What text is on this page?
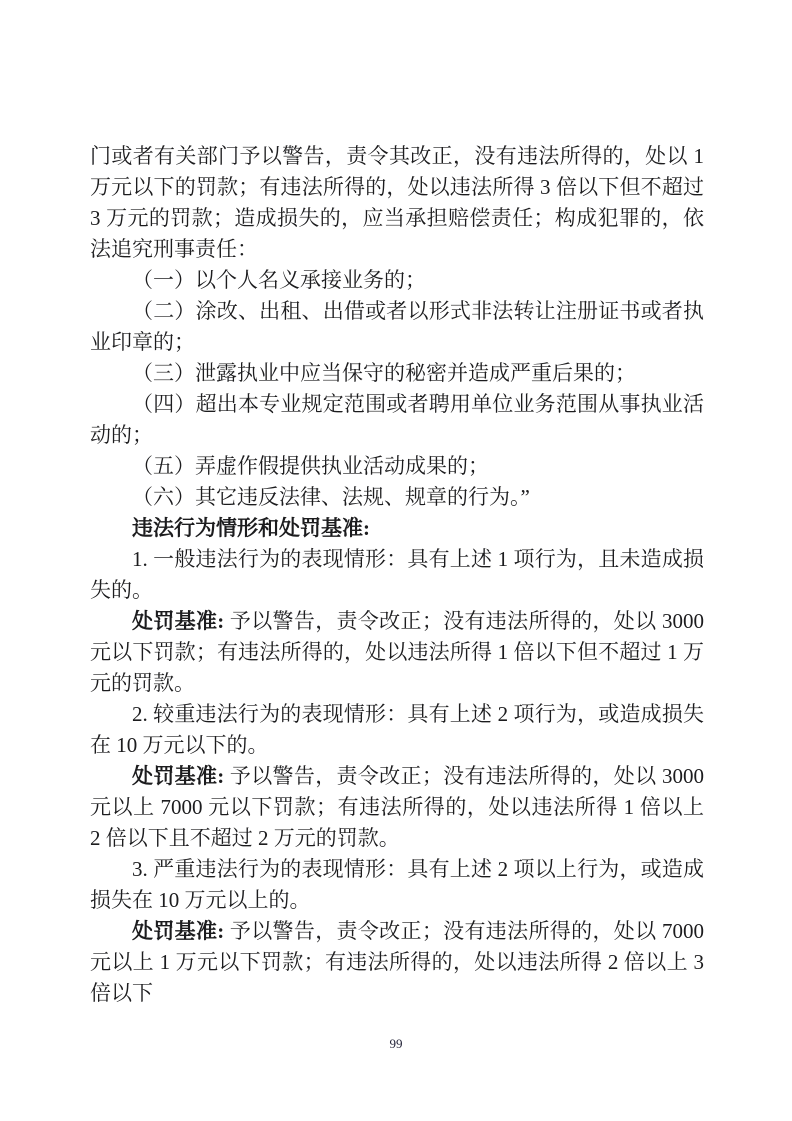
门或者有关部门予以警告，责令其改正，没有违法所得的，处以 1 万元以下的罚款；有违法所得的，处以违法所得 3 倍以下但不超过 3 万元的罚款；造成损失的，应当承担赔偿责任；构成犯罪的，依法追究刑事责任：

（一）以个人名义承接业务的；

（二）涂改、出租、出借或者以形式非法转让注册证书或者执业印章的；

（三）泄露执业中应当保守的秘密并造成严重后果的；

（四）超出本专业规定范围或者聘用单位业务范围从事执业活动的；

（五）弄虚作假提供执业活动成果的；

（六）其它违反法律、法规、规章的行为。”

违法行为情形和处罚基准:

1. 一般违法行为的表现情形：具有上述 1 项行为，且未造成损失的。

处罚基准: 予以警告，责令改正；没有违法所得的，处以 3000 元以下罚款；有违法所得的，处以违法所得 1 倍以下但不超过 1 万元的罚款。

2. 较重违法行为的表现情形：具有上述 2 项行为，或造成损失在 10 万元以下的。

处罚基准: 予以警告，责令改正；没有违法所得的，处以 3000 元以上 7000 元以下罚款；有违法所得的，处以违法所得 1 倍以上 2 倍以下且不超过 2 万元的罚款。

3. 严重违法行为的表现情形：具有上述 2 项以上行为，或造成损失在 10 万元以上的。

处罚基准: 予以警告，责令改正；没有违法所得的，处以 7000 元以上 1 万元以下罚款；有违法所得的，处以违法所得 2 倍以上 3 倍以下

99
